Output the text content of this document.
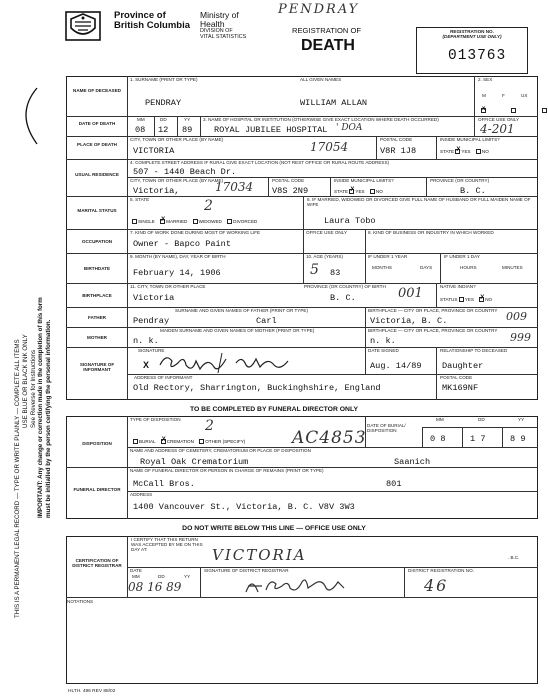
Province of
British Columbia
Ministry of
Health
DIVISION OF
VITAL STATISTICS
PENDRAY
REGISTRATION OF
DEATH
REGISTRATION NO.
(DEPARTMENT USE ONLY)
013763
THIS IS A PERMANENT LEGAL RECORD — TYPE OR WRITE PLAINLY — COMPLETE ALL ITEMS USE BLUE OR BLACK INK ONLY See Reverse for Instructions IMPORTANT: Any change or correction made in the completion of this form must be initialled by the person certifying the personal information.
NAME OF DECEASED
1. SURNAME (PRINT OR TYPE)	ALL GIVEN NAMES
PENDRAY	WILLIAM ALLAN
2. SEX
M	F	UX
x
DATE OF DEATH
MM	DD	YY
08 12 89
3. NAME OF HOSPITAL OR INSTITUTION (OTHERWISE GIVE EXACT LOCATION WHERE DEATH OCCURRED)
ROYAL JUBILEE HOSPITAL ' DOA
OFFICE USE ONLY
4-201
PLACE OF DEATH
CITY, TOWN OR OTHER PLACE (BY NAME)
VICTORIA	17054
POSTAL CODE
V8R 1J8
INSIDE MUNICIPAL LIMITS?
STATE X YES NO
USUAL RESIDENCE
4. COMPLETE STREET ADDRESS IF RURAL GIVE EXACT LOCATION (NOT REST OFFICE OR RURAL ROUTE ADDRESS)
507 - 1440 Beach Dr.
CITY, TOWN OR OTHER PLACE (BY NAME)
Victoria,	17034	POSTAL CODE
V8S 2N9
INSIDE MUNICIPAL LIMITS?
STATE X YES NO
PROVINCE (OR COUNTRY)
B. C.
MARITAL STATUS
5. STATE	2
SINGLE X MARRIED WIDOWED DIVORCED
6. IF MARRIED, WIDOWED OR DIVORCED GIVE FULL NAME OF HUSBAND OR FULL MAIDEN NAME OF WIFE
Laura Tobo
OCCUPATION
7. KIND OF WORK DONE DURING MOST OF WORKING LIFE
Owner - Bapco Paint
OFFICE USE ONLY	8. KIND OF BUSINESS OR INDUSTRY IN WHICH WORKED
BIRTHDATE
9. MONTH (BY NAME), DAY, YEAR OF BIRTH
February 14, 1906
10. AGE (YEARS)
5 83
IF UNDER 1 YEAR
MONTHS	DAYS
IF UNDER 1 DAY
HOURS	MINUTES
BIRTHPLACE
11. CITY, TOWN OR OTHER PLACE
Victoria
PROVINCE (OR COUNTRY) OF BIRTH
B. C.	001	NATIVE INDIAN?
STATUS YES X NO
FATHER
SURNAME AND GIVEN NAMES OF FATHER (PRINT OR TYPE)
Pendray	Carl
BIRTHPLACE — CITY OR PLACE, PROVINCE OR COUNTRY
Victoria, B. C.	009
MOTHER
MAIDEN SURNAME AND GIVEN NAMES OF MOTHER (PRINT OR TYPE)
n. k.
BIRTHPLACE — CITY OR PLACE, PROVINCE OR COUNTRY
n. k.	999
SIGNATURE OF INFORMANT
SIGNATURE
X
DATE SIGNED
Aug. 14/89
RELATIONSHIP TO DECEASED
Daughter
ADDRESS OF INFORMANT
Old Rectory, Sharrington, Buckinghshire, England
POSTAL CODE
MK169NF
TO BE COMPLETED BY FUNERAL DIRECTOR ONLY
DISPOSITION
TYPE OF DISPOSITION 2
BURIAL X CREMATION OTHER (SPECIFY)	AC4853
DATE OF BURIAL/ DISPOSITION
MM	DD	YY
0 8	1 7	8 9
NAME AND ADDRESS OF CEMETERY, CREMATORIUM OR PLACE OF DISPOSITION
Royal Oak Crematorium	Saanich
FUNERAL DIRECTOR
NAME OF FUNERAL DIRECTOR OR PERSON IN CHARGE OF REMAINS (PRINT OR TYPE)
McCall Bros.	801
ADDRESS
1400 Vancouver St., Victoria, B. C. V8V 3W3
DO NOT WRITE BELOW THIS LINE — OFFICE USE ONLY
CERTIFICATION OF DISTRICT REGISTRAR
I CERTIFY THAT THIS RETURN WAS ACCEPTED BY ME ON THIS DAY AT:	VICTORIA	. B.C.
DATE
MM	DD	YY
08 16 89
SIGNATURE OF DISTRICT REGISTRAR	DISTRICT REGISTRATION NO.
46
NOTATIONS
HLTH. 496 REV 88/02
